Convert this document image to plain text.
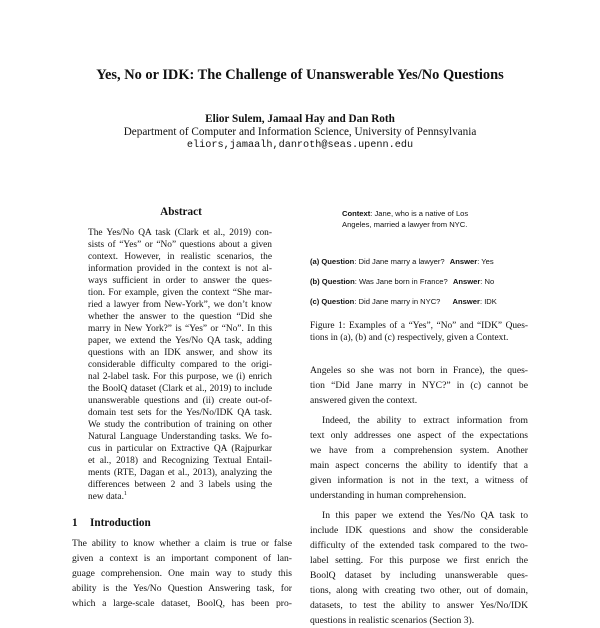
Yes, No or IDK: The Challenge of Unanswerable Yes/No Questions
Elior Sulem, Jamaal Hay and Dan Roth
Department of Computer and Information Science, University of Pennsylvania
eliors,jamaalh,danroth@seas.upenn.edu
Abstract
The Yes/No QA task (Clark et al., 2019) con-
sists of “Yes” or “No” questions about a given
context. However, in realistic scenarios, the
information provided in the context is not al-
ways sufficient in order to answer the ques-
tion. For example, given the context “She mar-
ried a lawyer from New-York”, we don’t know
whether the answer to the question “Did she
marry in New York?” is “Yes” or “No”. In this
paper, we extend the Yes/No QA task, adding
questions with an IDK answer, and show its
considerable difficulty compared to the origi-
nal 2-label task. For this purpose, we (i) enrich
the BoolQ dataset (Clark et al., 2019) to include
unanswerable questions and (ii) create out-of-
domain test sets for the Yes/No/IDK QA task.
We study the contribution of training on other
Natural Language Understanding tasks. We fo-
cus in particular on Extractive QA (Rajpurkar
et al., 2018) and Recognizing Textual Entail-
ments (RTE, Dagan et al., 2013), analyzing the
differences between 2 and 3 labels using the
new data.$^1$
1 Introduction
The ability to know whether a claim is true or false
given a context is an important component of lan-
guage comprehension. One main way to study this
ability is the Yes/No Question Answering task, for
which a large-scale dataset, BoolQ, has been pro-
Context: Jane, who is a native of Los
Angeles, married a lawyer from NYC.
(a) Question: Did Jane marry a lawyer? Answer: Yes
(b) Question: Was Jane born in France? Answer: No
(c) Question: Did Jane marry in NYC? Answer: IDK
Figure 1: Examples of a “Yes”, “No” and “IDK” Ques-
tions in (a), (b) and (c) respectively, given a Context.
Angeles so she was not born in France), the ques-
tion “Did Jane marry in NYC?” in (c) cannot be
answered given the context.
Indeed, the ability to extract information from
text only addresses one aspect of the expectations
we have from a comprehension system. Another
main aspect concerns the ability to identify that a
given information is not in the text, a witness of
understanding in human comprehension.
In this paper we extend the Yes/No QA task to
include IDK questions and show the considerable
difficulty of the extended task compared to the two-
label setting. For this purpose we first enrich the
BoolQ dataset by including unanswerable ques-
tions, along with creating two other, out of domain,
datasets, to test the ability to answer Yes/No/IDK
questions in realistic scenarios (Section 3).
